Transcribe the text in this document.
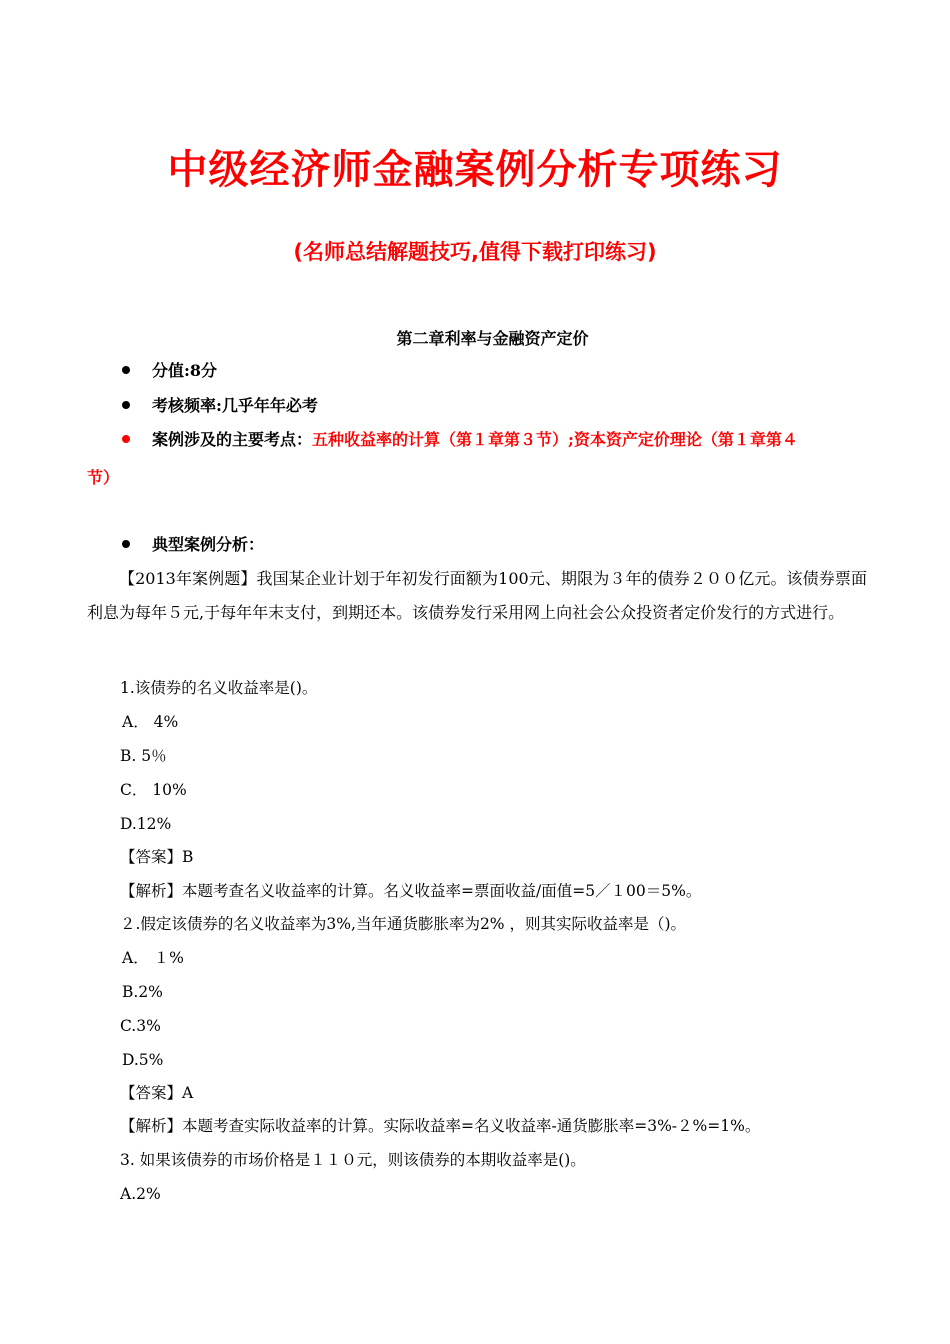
中级经济师金融案例分析专项练习
(名师总结解题技巧,值得下载打印练习)
第二章利率与金融资产定价
分值:8分
考核频率:几乎年年必考
案例涉及的主要考点：五种收益率的计算（第１章第３节）;资本资产定价理论（第１章第４
节）
典型案例分析：
【2013年案例题】我国某企业计划于年初发行面额为100元、期限为３年的债券２００亿元。该债券票面利息为每年５元,于每年年末支付，到期还本。该债券发行采用网上向社会公众投资者定价发行的方式进行。
1.该债券的名义收益率是()。
A． 4%
B. 5％
C． 10%
D.12%
【答案】B
【解析】本题考查名义收益率的计算。名义收益率=票面收益/面值=5／１00＝5%。
２.假定该债券的名义收益率为3%,当年通货膨胀率为2% ，则其实际收益率是（)。
A． １%
B.2%
C.3%
D.5%
【答案】A
【解析】本题考查实际收益率的计算。实际收益率=名义收益率-通货膨胀率=3%-２%=1%。
3. 如果该债券的市场价格是１１０元，则该债券的本期收益率是()。
A.2%
